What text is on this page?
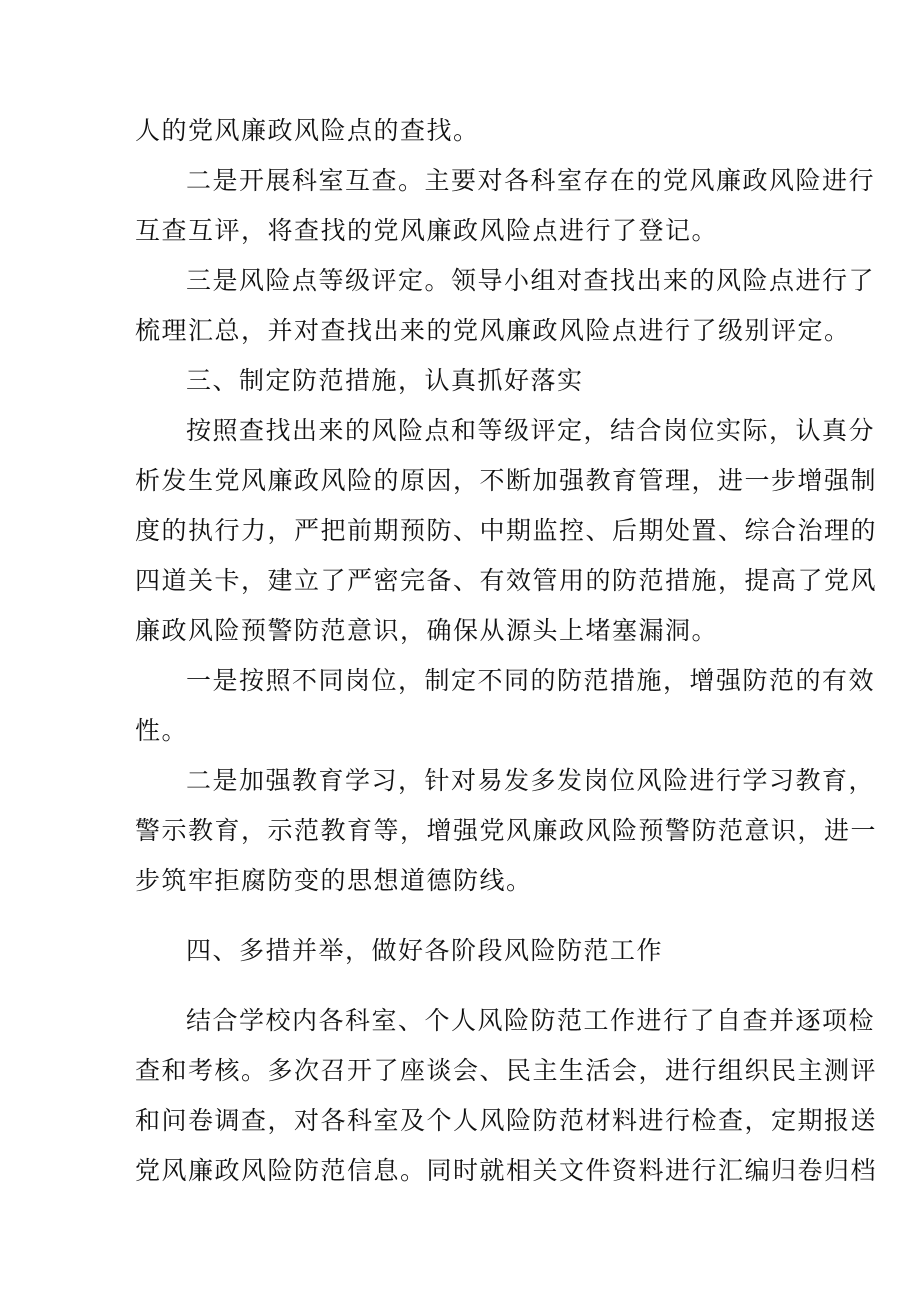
人的党风廉政风险点的查找。
二是开展科室互查。主要对各科室存在的党风廉政风险进行
互查互评，将查找的党风廉政风险点进行了登记。
三是风险点等级评定。领导小组对查找出来的风险点进行了
梳理汇总，并对查找出来的党风廉政风险点进行了级别评定。
三、制定防范措施，认真抓好落实
按照查找出来的风险点和等级评定，结合岗位实际，认真分
析发生党风廉政风险的原因，不断加强教育管理，进一步增强制
度的执行力，严把前期预防、中期监控、后期处置、综合治理的
四道关卡，建立了严密完备、有效管用的防范措施，提高了党风
廉政风险预警防范意识，确保从源头上堵塞漏洞。
一是按照不同岗位，制定不同的防范措施，增强防范的有效
性。
二是加强教育学习，针对易发多发岗位风险进行学习教育，
警示教育，示范教育等，增强党风廉政风险预警防范意识，进一
步筑牢拒腐防变的思想道德防线。
四、多措并举，做好各阶段风险防范工作
结合学校内各科室、个人风险防范工作进行了自查并逐项检
查和考核。多次召开了座谈会、民主生活会，进行组织民主测评
和问卷调查，对各科室及个人风险防范材料进行检查，定期报送
党风廉政风险防范信息。同时就相关文件资料进行汇编归卷归档
